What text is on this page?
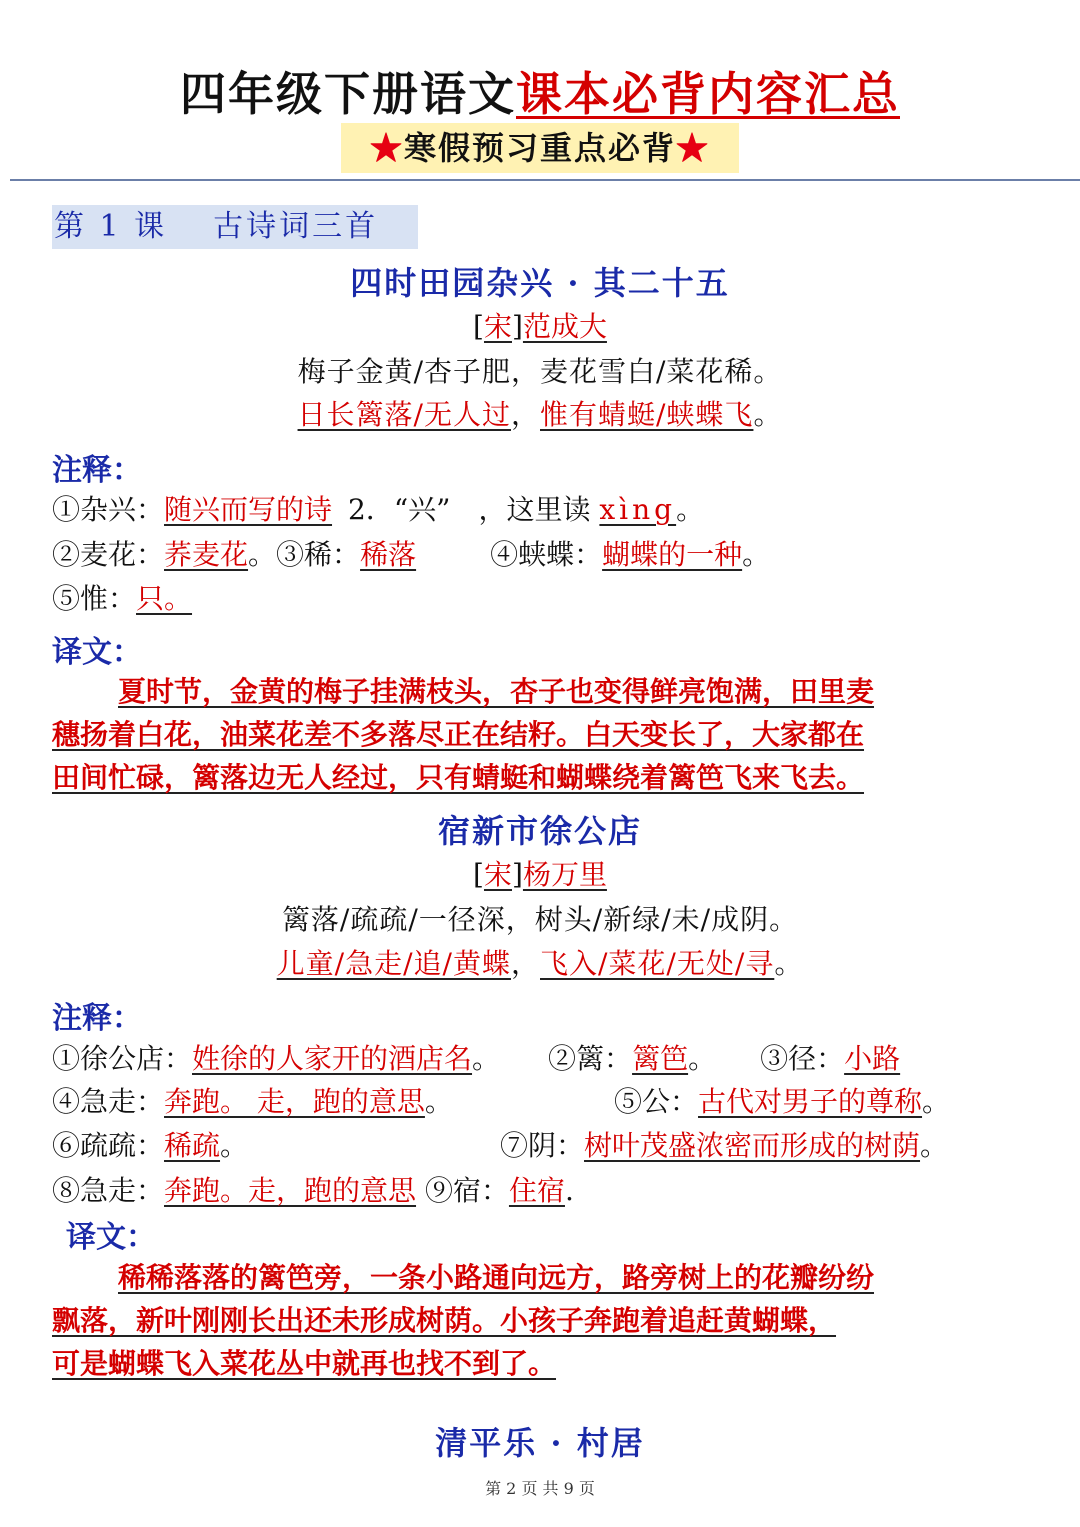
四年级下册语文课本必背内容汇总
★寒假预习重点必背★
第 1 课 古诗词三首
四时田园杂兴 · 其二十五
[宋]范成大
梅子金黄/杏子肥，麦花雪白/菜花稀。
日长篱落/无人过，惟有蜻蜓/蛱蝶飞。
注释：
①杂兴：随兴而写的诗 2．“兴”　，这里读 xìng。
②麦花：荞麦花。③稀：稀落	④蛱蝶：蝴蝶的一种。
⑤惟：只。
译文：
夏时节，金黄的梅子挂满枝头，杏子也变得鲜亮饱满，田里麦
穗扬着白花，油菜花差不多落尽正在结籽。白天变长了，大家都在
田间忙碌，篱落边无人经过，只有蜻蜓和蝴蝶绕着篱笆飞来飞去。
宿新市徐公店
[宋]杨万里
篱落/疏疏/一径深，树头/新绿/未/成阴。
儿童/急走/追/黄蝶，飞入/菜花/无处/寻。
注释：
①徐公店：姓徐的人家开的酒店名。 ②篱：篱笆。 ③径：小路
④急走：奔跑。 走，跑的意思。	⑤公：古代对男子的尊称。
⑥疏疏：稀疏。	⑦阴：树叶茂盛浓密而形成的树荫。
⑧急走：奔跑。走，跑的意思 ⑨宿：住宿.
译文：
稀稀落落的篱笆旁，一条小路通向远方，路旁树上的花瓣纷纷
飘落，新叶刚刚长出还未形成树荫。小孩子奔跑着追赶黄蝴蝶，
可是蝴蝶飞入菜花丛中就再也找不到了。
清平乐 · 村居
第 2 页 共 9 页
